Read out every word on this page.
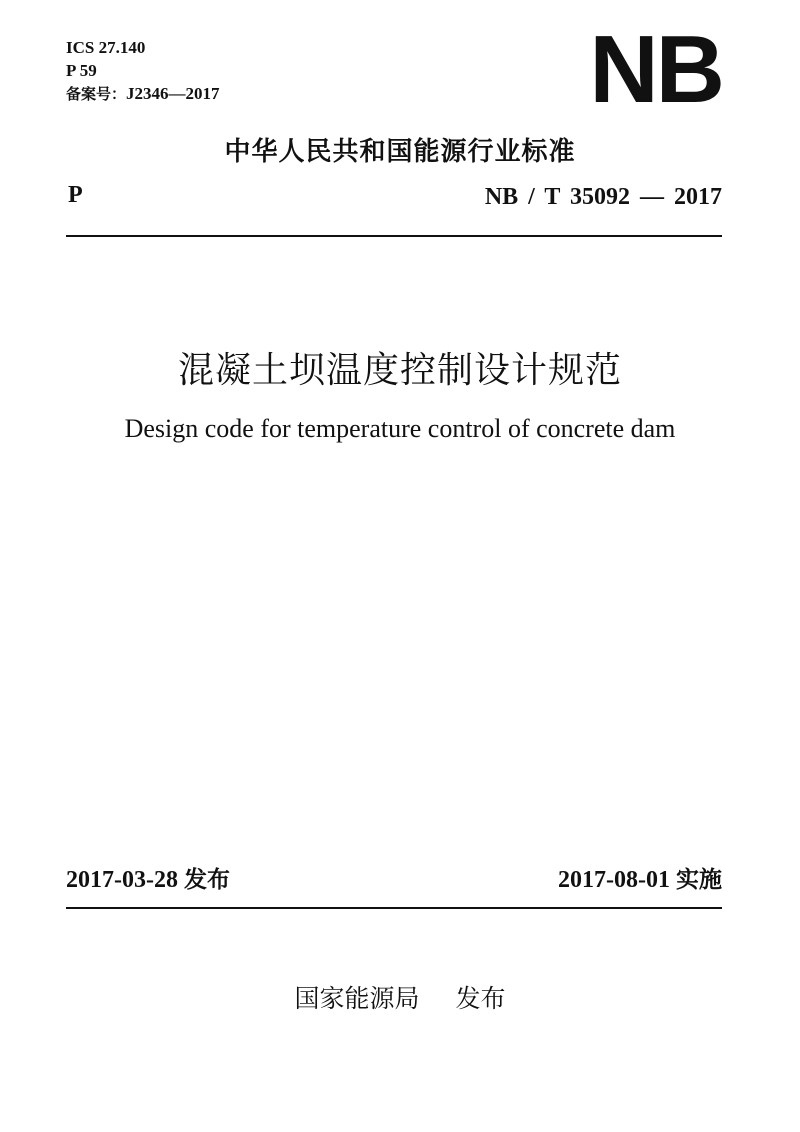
ICS 27.140
P 59
备案号：J2346—2017	NB
中华人民共和国能源行业标准
P	NB / T 35092 — 2017
混凝土坝温度控制设计规范
Design code for temperature control of concrete dam
2017-03-28 发布	2017-08-01 实施
国家能源局 发布
